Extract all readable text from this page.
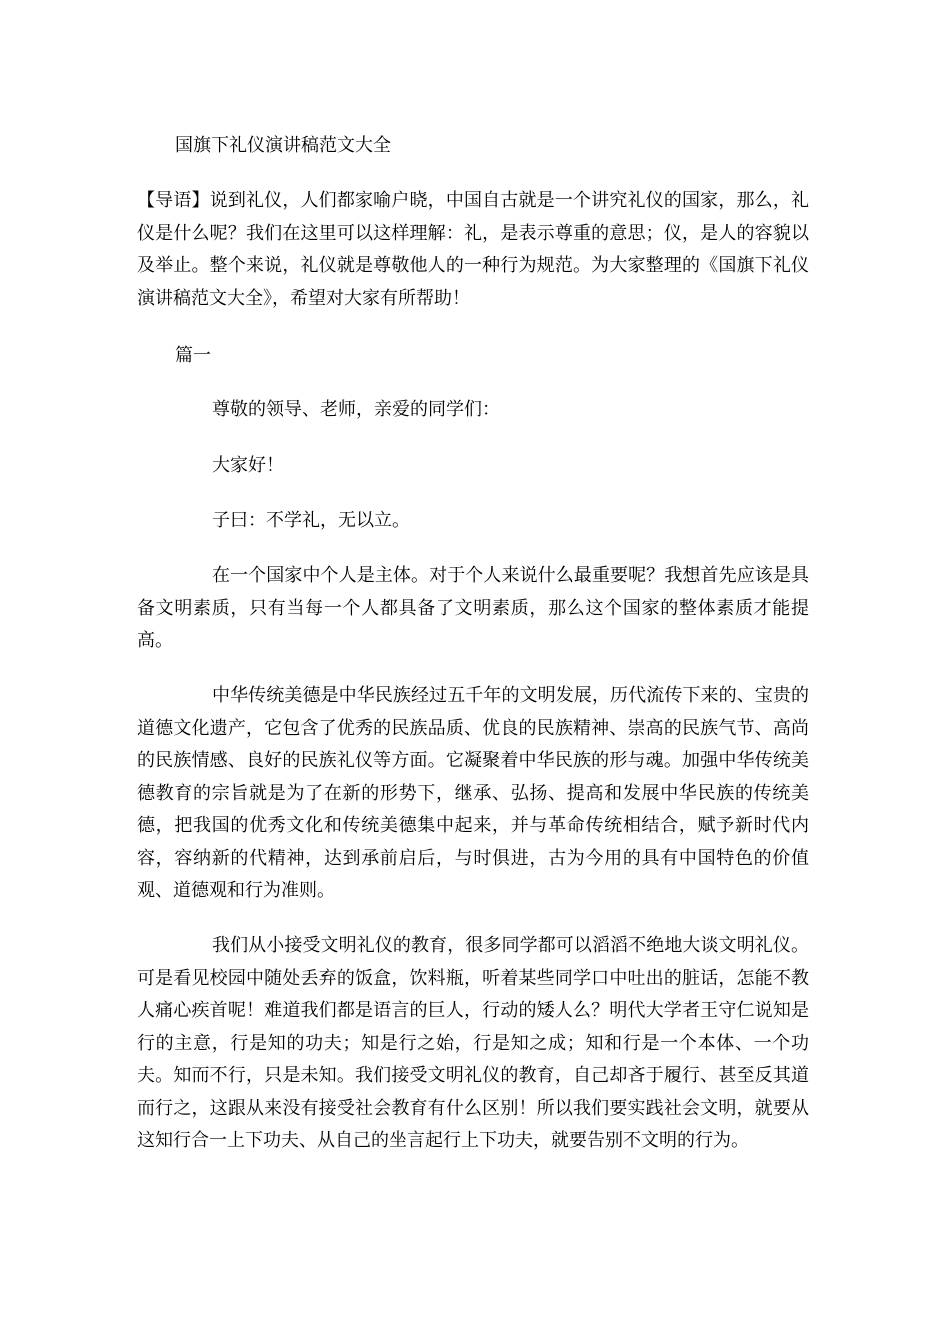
国旗下礼仪演讲稿范文大全

【导语】说到礼仪，人们都家喻户晓，中国自古就是一个讲究礼仪的国家，那么，礼仪是什么呢？我们在这里可以这样理解：礼，是表示尊重的意思；仪，是人的容貌以及举止。整个来说，礼仪就是尊敬他人的一种行为规范。为大家整理的《国旗下礼仪演讲稿范文大全》，希望对大家有所帮助！

篇一

尊敬的领导、老师，亲爱的同学们：

大家好！

子曰：不学礼，无以立。

在一个国家中个人是主体。对于个人来说什么最重要呢？我想首先应该是具备文明素质，只有当每一个人都具备了文明素质，那么这个国家的整体素质才能提高。

中华传统美德是中华民族经过五千年的文明发展，历代流传下来的、宝贵的道德文化遗产，它包含了优秀的民族品质、优良的民族精神、崇高的民族气节、高尚的民族情感、良好的民族礼仪等方面。它凝聚着中华民族的形与魂。加强中华传统美德教育的宗旨就是为了在新的形势下，继承、弘扬、提高和发展中华民族的传统美德，把我国的优秀文化和传统美德集中起来，并与革命传统相结合，赋予新时代内容，容纳新的代精神，达到承前启后，与时俱进，古为今用的具有中国特色的价值观、道德观和行为准则。

我们从小接受文明礼仪的教育，很多同学都可以滔滔不绝地大谈文明礼仪。可是看见校园中随处丢弃的饭盒，饮料瓶，听着某些同学口中吐出的脏话，怎能不教人痛心疾首呢！难道我们都是语言的巨人，行动的矮人么？明代大学者王守仁说知是行的主意，行是知的功夫；知是行之始，行是知之成；知和行是一个本体、一个功夫。知而不行，只是未知。我们接受文明礼仪的教育，自己却吝于履行、甚至反其道而行之，这跟从来没有接受社会教育有什么区别！所以我们要实践社会文明，就要从这知行合一上下功夫、从自己的坐言起行上下功夫，就要告别不文明的行为。
